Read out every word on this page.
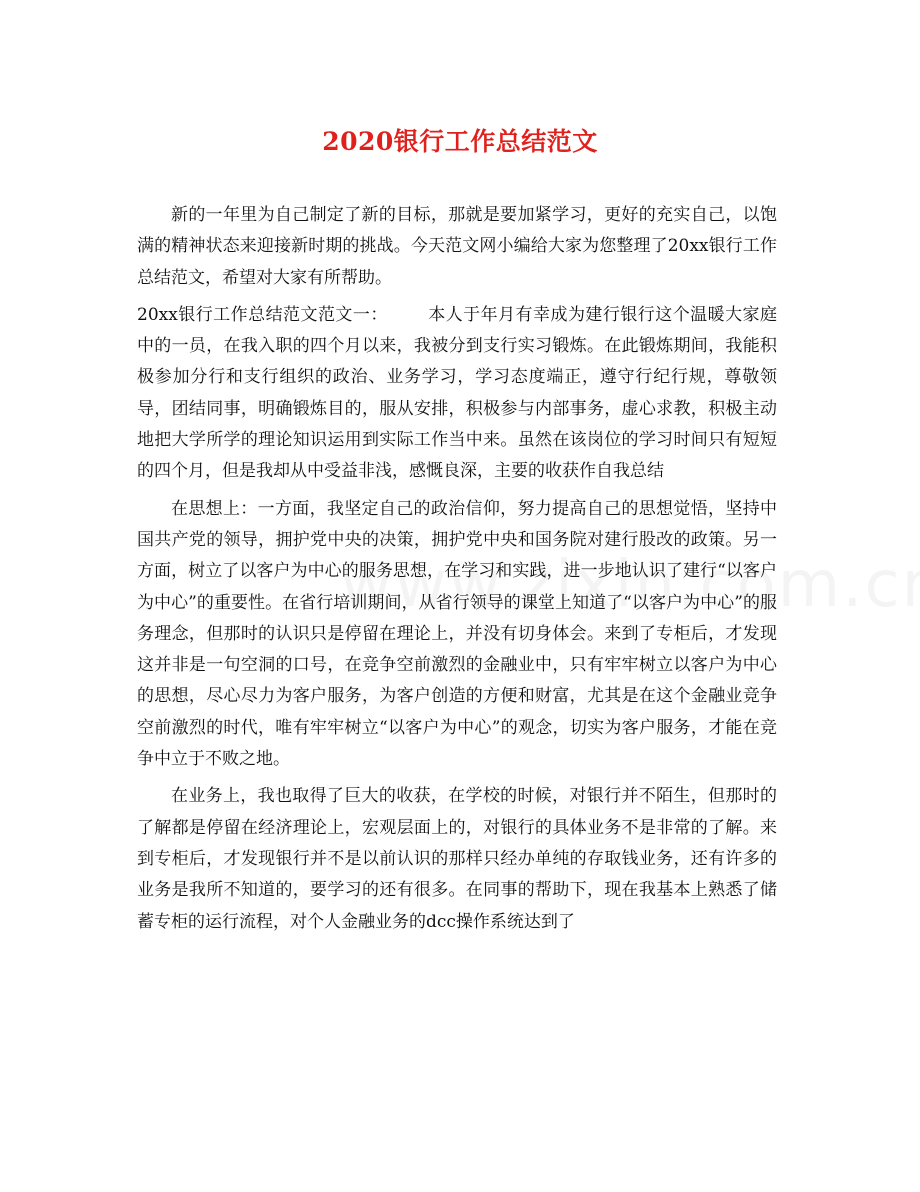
2020银行工作总结范文

新的一年里为自己制定了新的目标，那就是要加紧学习，更好的充实自己，以饱满的精神状态来迎接新时期的挑战。今天范文网小编给大家为您整理了20xx银行工作总结范文，希望对大家有所帮助。

20xx银行工作总结范文范文一： 本人于年月有幸成为建行银行这个温暖大家庭中的一员，在我入职的四个月以来，我被分到支行实习锻炼。在此锻炼期间，我能积极参加分行和支行组织的政治、业务学习，学习态度端正，遵守行纪行规，尊敬领导，团结同事，明确锻炼目的，服从安排，积极参与内部事务，虚心求教，积极主动地把大学所学的理论知识运用到实际工作当中来。虽然在该岗位的学习时间只有短短的四个月，但是我却从中受益非浅，感慨良深，主要的收获作自我总结

在思想上：一方面，我坚定自己的政治信仰，努力提高自己的思想觉悟，坚持中国共产党的领导，拥护党中央的决策，拥护党中央和国务院对建行股改的政策。另一方面，树立了以客户为中心的服务思想，在学习和实践，进一步地认识了建行“以客户为中心”的重要性。在省行培训期间，从省行领导的课堂上知道了“以客户为中心”的服务理念，但那时的认识只是停留在理论上，并没有切身体会。来到了专柜后，才发现这并非是一句空洞的口号，在竞争空前激烈的金融业中，只有牢牢树立以客户为中心的思想，尽心尽力为客户服务，为客户创造的方便和财富，尤其是在这个金融业竞争空前激烈的时代，唯有牢牢树立“以客户为中心”的观念，切实为客户服务，才能在竞争中立于不败之地。

在业务上，我也取得了巨大的收获，在学校的时候，对银行并不陌生，但那时的了解都是停留在经济理论上，宏观层面上的，对银行的具体业务不是非常的了解。来到专柜后，才发现银行并不是以前认识的那样只经办单纯的存取钱业务，还有许多的业务是我所不知道的，要学习的还有很多。在同事的帮助下，现在我基本上熟悉了储蓄专柜的运行流程，对个人金融业务的dcc操作系统达到了
